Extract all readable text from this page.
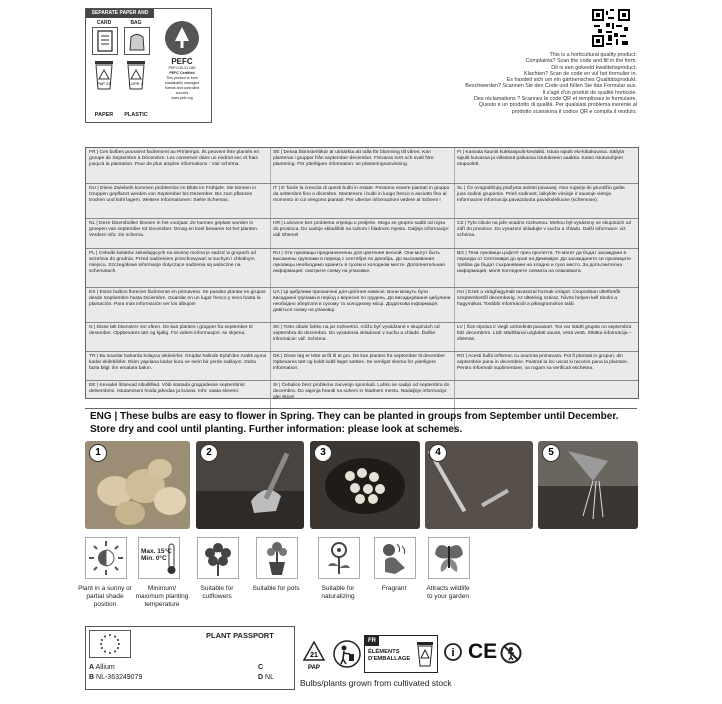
SEPARATE PAPER AND PLASTIC
CARD	BAG
PAP 21	LDPE 4
PAPER	PLASTIC
PEFC
PEFC/30-31-080
PEFC Certified
This product is from
sustainably managed
forests and controlled
sources
www.pefc.org
This is a horticultural quality product.
Complaints? Scan the code and fill in the form.
Dit is een gekeeld kwaliteitsproduct.
Klachten? Scan de code en vul het formulier in.
Es handelt sich um ein gärtnerisches Qualitätsprodukt.
Beschwerden? Scannen Sie den Code und füllen Sie das Formular aus.
Il s'agit d'un produit de qualité horticole.
Des réclamations ? Scannez le code QR et remplissez le formulaire.
Questo è un prodotto di qualità. Per qualsiasi problema inerente al
prodotto scansiona il codice QR e compila il modulo.
FR | Ces bulbes poussent facilement au Printemps. Ils peuvent être plantés en groupe de Septembre à Décembre. Les conserver dans un endroit sec et frais jusqu'à la plantation. Pour de plus amples informations : Voir schéma.
SE | Dessa blomsterlökar är utmärkta att odla för blomning till våren. Kan planteras i grupper från september-december. Förvaras torrt och svalt före plantering. För ytterligare information: se planteringsanvisning.
FI | Kasvata kauniit kukkasipulit keväälsi. Istuta sipulit elo-lokakuussa. Säilytä sipulit kuivassa ja viileässä paikassa istutukseen saakka. Katso istutusohjeet etupuolelt.
DU | Diese Zwiebeln kommen problemlos im Blüte im Frühjahr. Sie können in Gruppen gepflanzt werden von September bis Dezember. Bis zum pflanzen trocken und kühl lagern. Weitere Informationen: Siehe Schemas.
IT | E' facile la crescita di questi bulbi in estate. Possono essere piantati in gruppo da settembre fino a dicembre. Mantenere i bulbi in luogo fresco e asciutto fino al momento in cui vengono piantati. Per ulteriori informazioni vedere al Schemi !
SL | Če ovogodišnjoj pražysta aniksti pavasarj. Noo rugsėjo iki gruodžio galite juos sodinti grupėmis. Prieš sodinant, laikykite vėsioje ir sausoje vietoje. Informacinė informacija pavaizduota pavaikslėliuose (schemose).
NL | Deze bloembollen bloeien in het voorjaar. Ze kunnen geplant worden in groepen van september tot December. Droog en koel bewaren tot het planten. Verdere info: zie schema.
HR | Lukovice bez problema vrijetaju u proljeće. Mogu se grupno saditi od rujna do prosinca. Do sadnje skladištiti na suhom i hladnom mjestu. Daljnje informacije: vidi Shemel
CZ | Tyto cibule na jaře snadno rozkvetou. Mohou být vysázeny ve skupinách od září do prosince. Do vysazení skladujte v suchu a chladu. Další informace: viz. schéma.
PL | Cebulki kwiatów zakwitających na wiosnę można je sadzić w grupach od września do grudnia. Przed sadzeniem przechowywać w suchym i chłodnym miejscu. Szczegółowe informacje dotyczące sadzenia są widoczne na schematach.
RU | Эти луковицы предназначены для цветения весной. Они могут быть высажены группами в период с сентября по декабрь. До высаживания луковицы необходимо хранить в сухом и холодном месте. Дополнительная информация: смотрите схему на упаковке.
BG | Тези луковици цъфтят през пролетта. Те могат да бъдат засаждани в периода от Септември до края на Декември. До засаждането си луковиците трябва да бъдат съхранявани на хладно и сухо място. За допълнителна информация, моля погледнете схемата на опаковката.
ES | Estos bulbos florecen fácilmente en primavera. Se pueden plantar en grupos desde Septiembre hasta Diciembre. Guardar en un lugar fresco y seco hasta la plantación. Para más información ver los dibujos!
UA | Ці цибулини призначені для цвітіння навесні. Вони можуть бути висаджені групами в період з вересня по грудень. До висаджування цибулини необхідно зберігати в сухому та холодному місці. Додаткова інформація: дивіться схему на упаковці.
HU | Ezek a virághagymák tavasszal hoznak virágot. Csoportban ültethetők szeptembertől decemberig. Az ültetésig száraz, hűvös helyen kell tárolni a hagymákat. További információt a piktogramokon talál.
N | Disse løk blomstrer om våren. De kan plantes i grupper fra september til desember. Oppbevares tørt og kjølig. For videre informasjon: se skjema.
SK | Tieto cibule ľahko na jar rozkvetnú, môžu byť vysádzané v skupinách od septembra do decembra. Do vysadenia skladovať v suchu a chlade. Ďalšie informácie: viď. Schéma.
LV | Šos sīpolus ir viegli uzziedināt pavasarī. Tos var stādīt grupās no septembra līdz decembrim. Līdz stādīšanai uzglabāt sausā, vēsā vietā. Sīkāka informācija – shēmās.
TR | Bu soanlar baharda kolayca ieklenirler. Gruplar halinde Eylül'den Aralık ayına kadar ekilebilirler. Ekim yapılana kadar kuru ve serin bir yerde saklayın. Daha fazla bilgi: ilm emalara bakın.
DK | Disse løg er lette at få til at gro. De kan plantes fra september til december. Opbevares tørt og koldt indtil løget sættes. Se venligst skema for yderligere information.
RO | Acesti bulbi infloresc cu usurinta primavara. Pot fi plantati in grupuri, din septembrie pana in decembrie. Pastrati la loc uscat si racoros pana la plantare. Pentru informatii suplimentare, va rugam sa verificati etichetea.
EE | Kevadel õitsevad sibullillled. Võib istutada gruppidesse septembrist detsembrini. Istutamiseni hoida jahedas ja kuivas. Info: vaata skeemi.
SI | Čebulice brez problema zacvetijo spomladi. Lahko se sadijo od septembra do decembra. Do sajenja hraniti na suhem in hladnem mestu. Nadaljnje informacije: glej skice!
ENG | These bulbs are easy to flower in Spring. They can be planted in groups from September until December. Store dry and cool until planting. Further information: please look at schemes.
1	2	3	4	5
Max. 15°C
Min. 0°C
Plant in a sunny or partial shade position
Minimum/ maximum planting temperature
Suitable for cutflowers
Suitable for pots	Suitable for naturalizing
Fragrant	Attracts wildlife to your garden
PLANT PASSPORT
A Allium
B NL-363249079
C
D NL
21
PAP
FR
ÉLÉMENTS
D'EMBALLAGE	i CE
Bulbs/plants grown from cultivated stock
